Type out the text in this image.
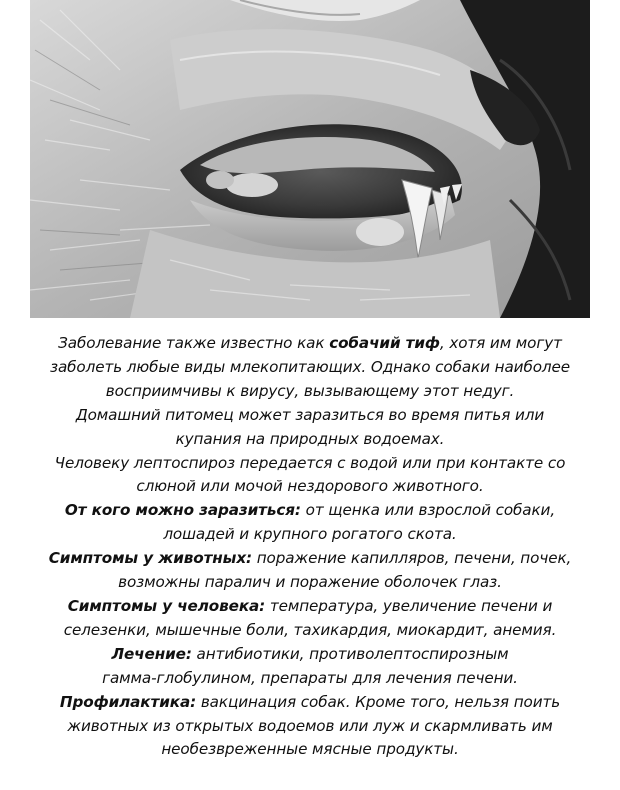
Заболевание также известно как собачий тиф, хотя им могут
заболеть любые виды млекопитающих. Однако собаки наиболее
восприимчивы к вирусу, вызывающему этот недуг.
Домашний питомец может заразиться во время питья или
купания на природных водоемах.
Человеку лептоспироз передается с водой или при контакте со
слюной или мочой нездорового животного.
От кого можно заразиться: от щенка или взрослой собаки,
лошадей и крупного рогатого скота.
Симптомы у животных: поражение капилляров, печени, почек,
возможны паралич и поражение оболочек глаз.
Симптомы у человека: температура, увеличение печени и
селезенки, мышечные боли, тахикардия, миокардит, анемия.
Лечение: антибиотики, противолептоспирозным
гамма-глобулином, препараты для лечения печени.
Профилактика: вакцинация собак. Кроме того, нельзя поить
животных из открытых водоемов или луж и скармливать им
необезвреженные мясные продукты.
